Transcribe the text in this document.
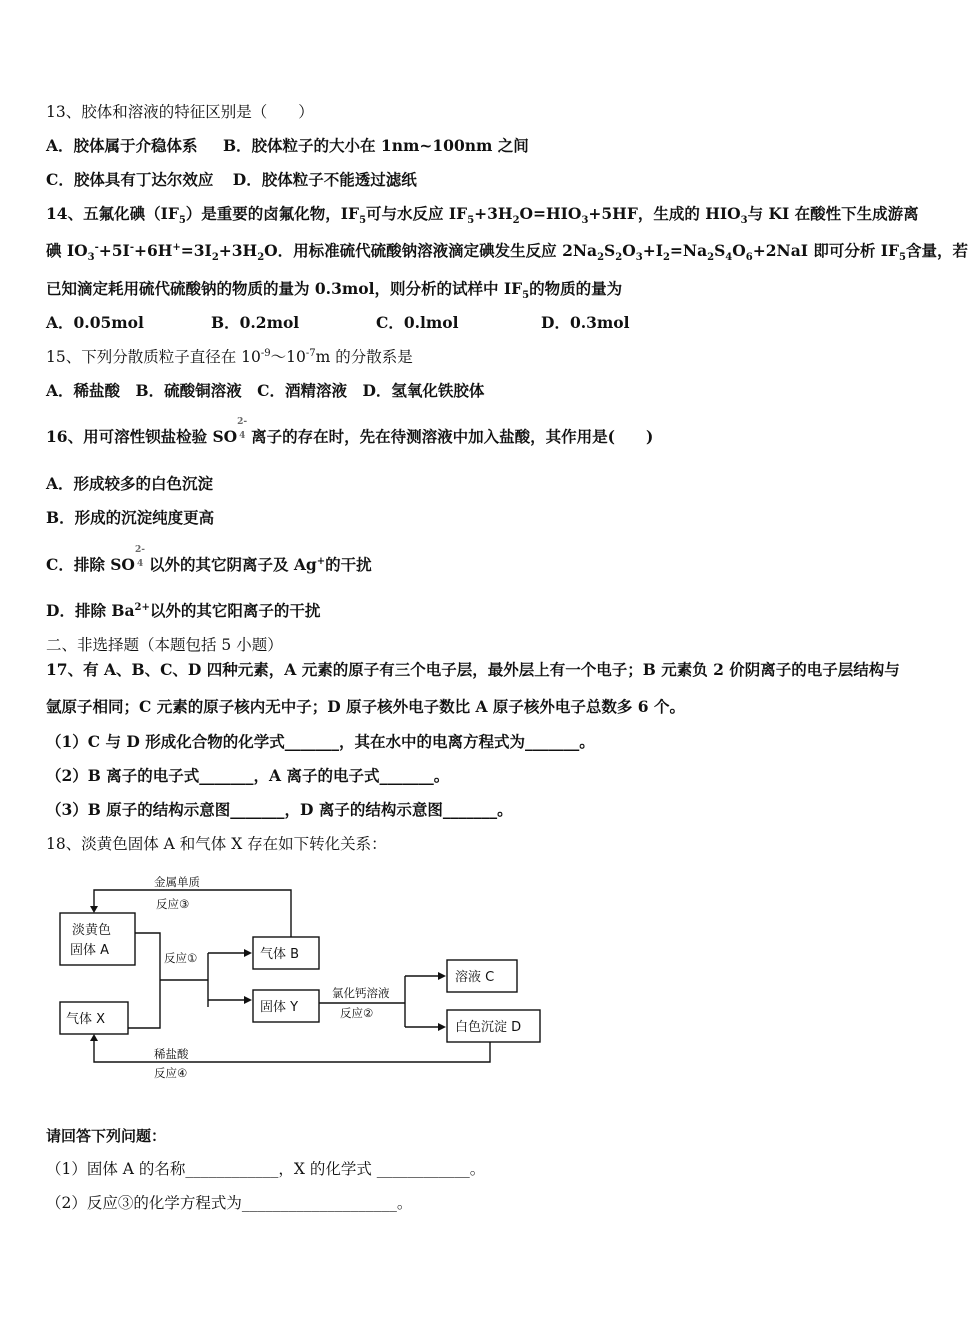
13、胶体和溶液的特征区别是（　　）
A．胶体属于介稳体系 B．胶体粒子的大小在 1nm~100nm 之间
C．胶体具有丁达尔效应 D．胶体粒子不能透过滤纸
14、五氟化碘$(IF_5)$是重要的卤氟化物，$IF_5$可与水反应 $IF_5+3H_2O=HIO_3+5HF$，生成的 $HIO_3$与 KI 在酸性下生成游离
碘 $IO_3^-+5I^-+6H^+=3I_2+3H_2O$．用标准硫代硫酸钠溶液滴定碘发生反应 $2Na_2S_2O_3+I_2=Na_2S_4O_6+2NaI$ 即可分析 $IF_5$含量，若
已知滴定耗用硫代硫酸钠的物质的量为 0.3mol，则分析的试样中 $IF_5$的物质的量为
A．0.05mol	B．0.2mol	C．0.lmol	D．0.3mol
15、下列分散质粒子直径在 $10^{-9}\sim 10^{-7}m$ 的分散系是
A．稀盐酸　B．硫酸铜溶液　C．酒精溶液　D．氢氧化铁胶体
16、用可溶性钡盐检验 SO
2-
4 离子的存在时，先在待测溶液中加入盐酸，其作用是(　　)
A．形成较多的白色沉淀
B．形成的沉淀纯度更高
C．排除 SO
2-
4 以外的其它阴离子及 Ag+的干扰
D．排除 $Ba^{2+}$以外的其它阳离子的干扰
二、非选择题（本题包括 5 小题）
17、有 A、B、C、D 四种元素，A 元素的原子有三个电子层，最外层上有一个电子；B 元素负 2 价阴离子的电子层结构与
氩原子相同；C 元素的原子核内无中子；D 原子核外电子数比 A 原子核外电子总数多 6 个。
（1）C 与 D 形成化合物的化学式_______，其在水中的电离方程式为_______。
（2）B 离子的电子式_______，A 离子的电子式_______。
（3）B 原子的结构示意图_______，D 离子的结构示意图_______。
18、淡黄色固体 A 和气体 X 存在如下转化关系：
淡黄色
固体 A
气体 X
气体 B
固体 Y
溶液 C
白色沉淀 D
金属单质
反应③
反应①
氯化钙溶液
反应②
稀盐酸
反应④
请回答下列问题：
（1）固体 A 的名称____________，X 的化学式 ____________。
（2）反应③的化学方程式为____________________。
